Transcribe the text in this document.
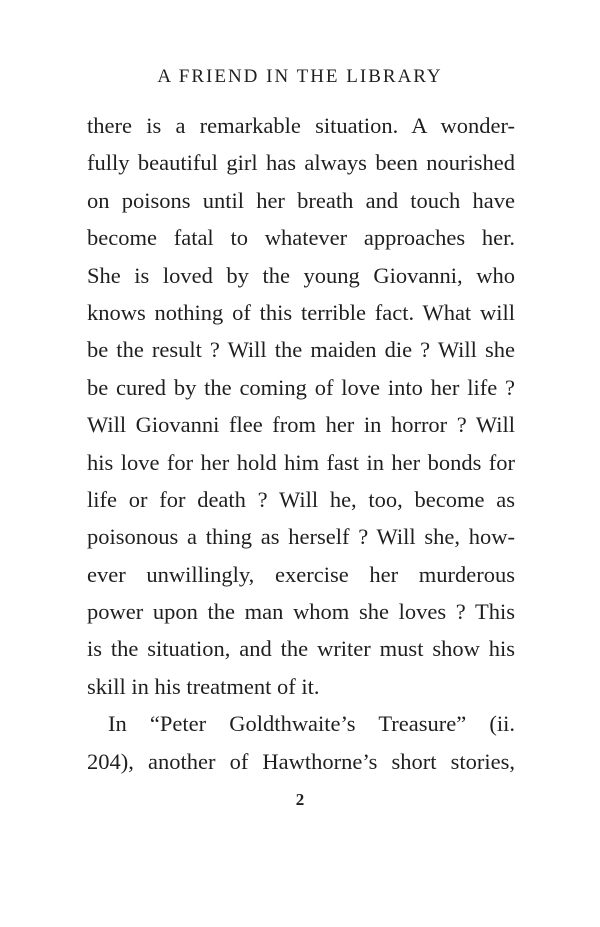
A FRIEND IN THE LIBRARY
there is a remarkable situation. A wonder-
fully beautiful girl has always been nourished
on poisons until her breath and touch have
become fatal to whatever approaches her.
She is loved by the young Giovanni, who
knows nothing of this terrible fact. What will
be the result ? Will the maiden die ? Will she
be cured by the coming of love into her life ?
Will Giovanni flee from her in horror ? Will
his love for her hold him fast in her bonds for
life or for death ? Will he, too, become as
poisonous a thing as herself ? Will she, how-
ever unwillingly, exercise her murderous
power upon the man whom she loves ? This
is the situation, and the writer must show his
skill in his treatment of it.
In “Peter Goldthwaite’s Treasure” (ii.
204), another of Hawthorne’s short stories,
2
